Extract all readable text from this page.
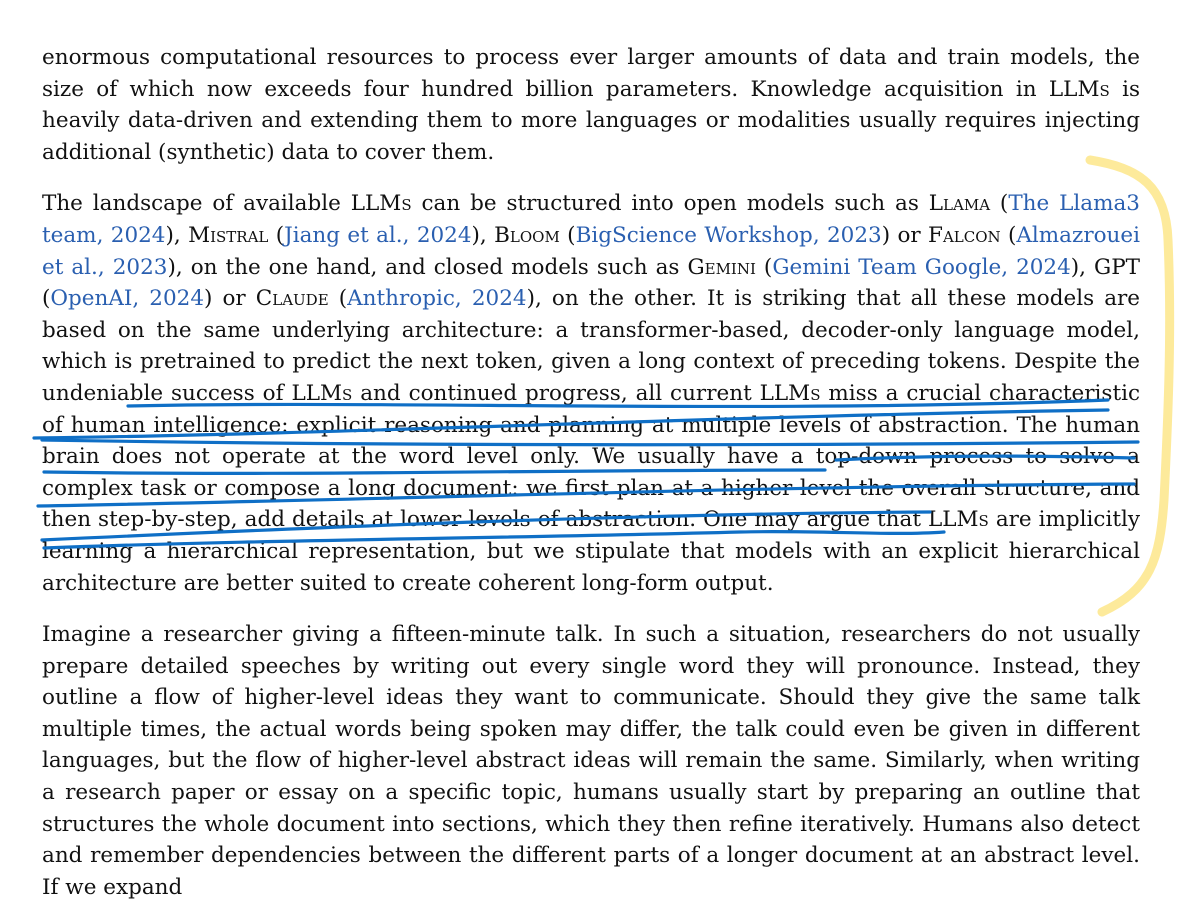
enormous computational resources to process ever larger amounts of data and train models, the size of which now exceeds four hundred billion parameters. Knowledge acquisition in LLMs is heavily data-driven and extending them to more languages or modalities usually requires injecting additional (synthetic) data to cover them.

The landscape of available LLMs can be structured into open models such as Llama (The Llama3 team, 2024), Mistral (Jiang et al., 2024), Bloom (BigScience Workshop, 2023) or Falcon (Almazrouei et al., 2023), on the one hand, and closed models such as Gemini (Gemini Team Google, 2024), GPT (OpenAI, 2024) or Claude (Anthropic, 2024), on the other. It is striking that all these models are based on the same underlying architecture: a transformer-based, decoder-only language model, which is pretrained to predict the next token, given a long context of preceding tokens. Despite the undeniable success of LLMs and continued progress, all current LLMs miss a crucial characteristic of human intelligence: explicit reasoning and planning at multiple levels of abstraction. The human brain does not operate at the word level only. We usually have a top-down process to solve a complex task or compose a long document: we first plan at a higher level the overall structure, and then step-by-step, add details at lower levels of abstraction. One may argue that LLMs are implicitly learning a hierarchical representation, but we stipulate that models with an explicit hierarchical architecture are better suited to create coherent long-form output.

Imagine a researcher giving a fifteen-minute talk. In such a situation, researchers do not usually prepare detailed speeches by writing out every single word they will pronounce. Instead, they outline a flow of higher-level ideas they want to communicate. Should they give the same talk multiple times, the actual words being spoken may differ, the talk could even be given in different languages, but the flow of higher-level abstract ideas will remain the same. Similarly, when writing a research paper or essay on a specific topic, humans usually start by preparing an outline that structures the whole document into sections, which they then refine iteratively. Humans also detect and remember dependencies between the different parts of a longer document at an abstract level. If we expand
